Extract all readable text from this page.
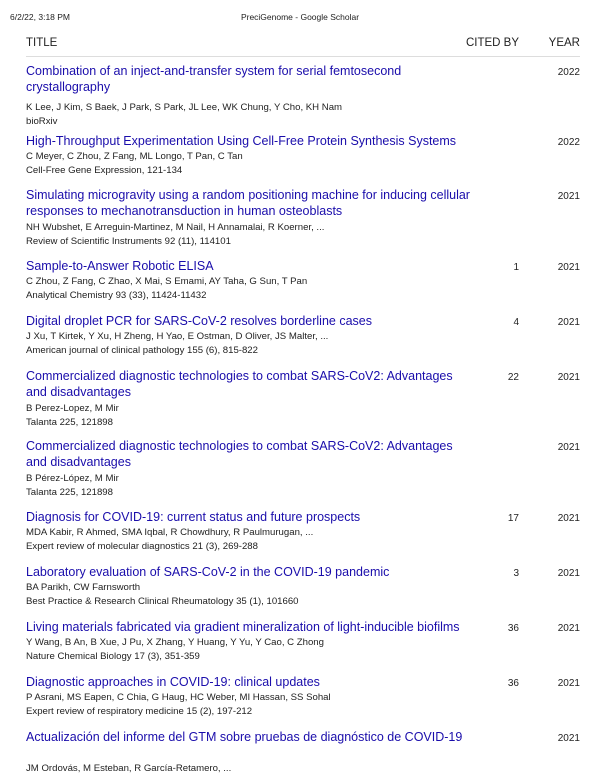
6/2/22, 3:18 PM	PreciGenome - Google Scholar
TITLE	CITED BY	YEAR
Combination of an inject-and-transfer system for serial femtosecond crystallography
K Lee, J Kim, S Baek, J Park, S Park, JL Lee, WK Chung, Y Cho, KH Nam
bioRxiv
2022
High-Throughput Experimentation Using Cell-Free Protein Synthesis Systems
C Meyer, C Zhou, Z Fang, ML Longo, T Pan, C Tan
Cell-Free Gene Expression, 121-134
2022
Simulating microgravity using a random positioning machine for inducing cellular responses to mechanotransduction in human osteoblasts
NH Wubshet, E Arreguin-Martinez, M Nail, H Annamalai, R Koerner, ...
Review of Scientific Instruments 92 (11), 114101
2021
Sample-to-Answer Robotic ELISA
C Zhou, Z Fang, C Zhao, X Mai, S Emami, AY Taha, G Sun, T Pan
Analytical Chemistry 93 (33), 11424-11432
1	2021
Digital droplet PCR for SARS-CoV-2 resolves borderline cases
J Xu, T Kirtek, Y Xu, H Zheng, H Yao, E Ostman, D Oliver, JS Malter, ...
American journal of clinical pathology 155 (6), 815-822
4	2021
Commercialized diagnostic technologies to combat SARS-CoV2: Advantages and disadvantages
B Perez-Lopez, M Mir
Talanta 225, 121898
22	2021
Commercialized diagnostic technologies to combat SARS-CoV2: Advantages and disadvantages
B Pérez-López, M Mir
Talanta 225, 121898
2021
Diagnosis for COVID-19: current status and future prospects
MDA Kabir, R Ahmed, SMA Iqbal, R Chowdhury, R Paulmurugan, ...
Expert review of molecular diagnostics 21 (3), 269-288
17	2021
Laboratory evaluation of SARS-CoV-2 in the COVID-19 pandemic
BA Parikh, CW Farnsworth
Best Practice & Research Clinical Rheumatology 35 (1), 101660
3	2021
Living materials fabricated via gradient mineralization of light-inducible biofilms
Y Wang, B An, B Xue, J Pu, X Zhang, Y Huang, Y Yu, Y Cao, C Zhong
Nature Chemical Biology 17 (3), 351-359
36	2021
Diagnostic approaches in COVID-19: clinical updates
P Asrani, MS Eapen, C Chia, G Haug, HC Weber, MI Hassan, SS Sohal
Expert review of respiratory medicine 15 (2), 197-212
36	2021
Actualización del informe del GTM sobre pruebas de diagnóstico de COVID-19
JM Ordovás, M Esteban, R García-Retamero, ...
2021
